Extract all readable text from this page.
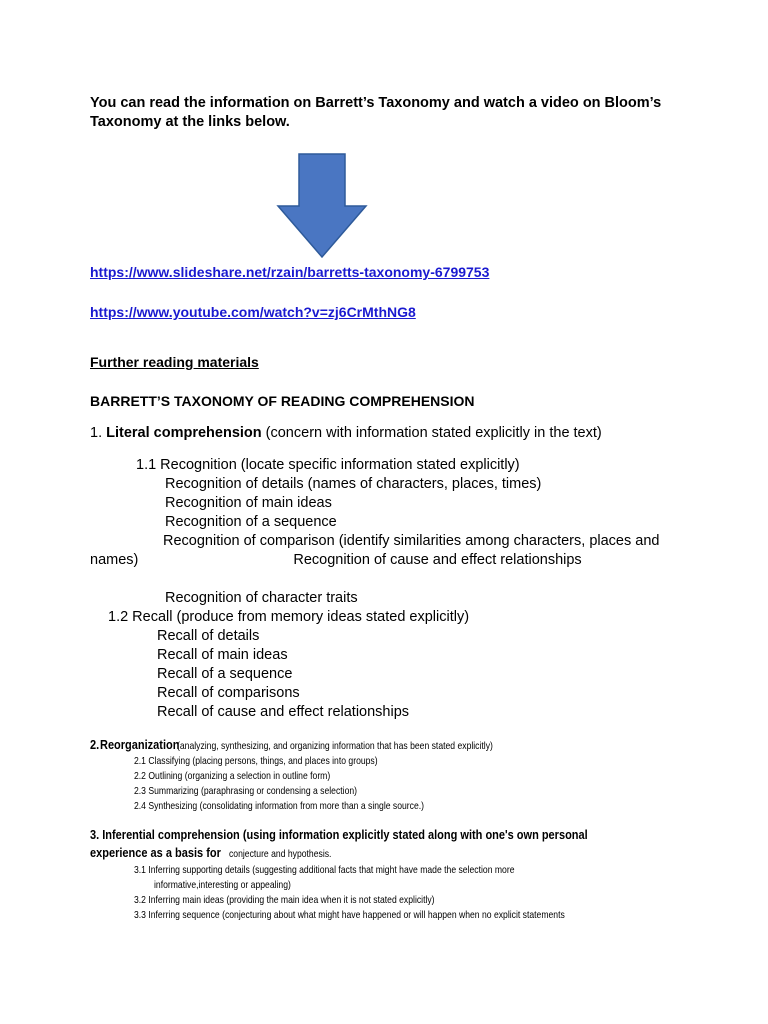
You can read the information on Barrett’s Taxonomy and watch a video on Bloom’s Taxonomy at the links below.
https://www.slideshare.net/rzain/barretts-taxonomy-6799753
https://www.youtube.com/watch?v=zj6CrMthNG8
Further reading materials
BARRETT’S TAXONOMY OF READING COMPREHENSION
1. Literal comprehension (concern with information stated explicitly in the text)
1.1 Recognition (locate specific information stated explicitly)
Recognition of details (names of characters, places, times)
Recognition of main ideas
Recognition of a sequence
Recognition of comparison (identify similarities among characters, places and names)	Recognition of cause and effect relationships
Recognition of character traits
1.2 Recall (produce from memory ideas stated explicitly)
Recall of details
Recall of main ideas
Recall of a sequence
Recall of comparisons
Recall of cause and effect relationships
2. Reorganization
(analyzing, synthesizing, and organizing information that has been stated explicitly)
2.1 Classifying (placing persons, things, and places into groups)
2.2 Outlining (organizing a selection in outline form)
2.3 Summarizing (paraphrasing or condensing a selection)
2.4 Synthesizing (consolidating information from more than a single source.)
3. Inferential comprehension (using information explicitly stated along with one's own personal
experience as a basis for conjecture and hypothesis.
3.1 Inferring supporting details (suggesting additional facts that might have made the selection more
informative,interesting or appealing)
3.2 Inferring main ideas (providing the main idea when it is not stated explicitly)
3.3 Inferring sequence (conjecturing about what might have happened or will happen when no explicit statements
